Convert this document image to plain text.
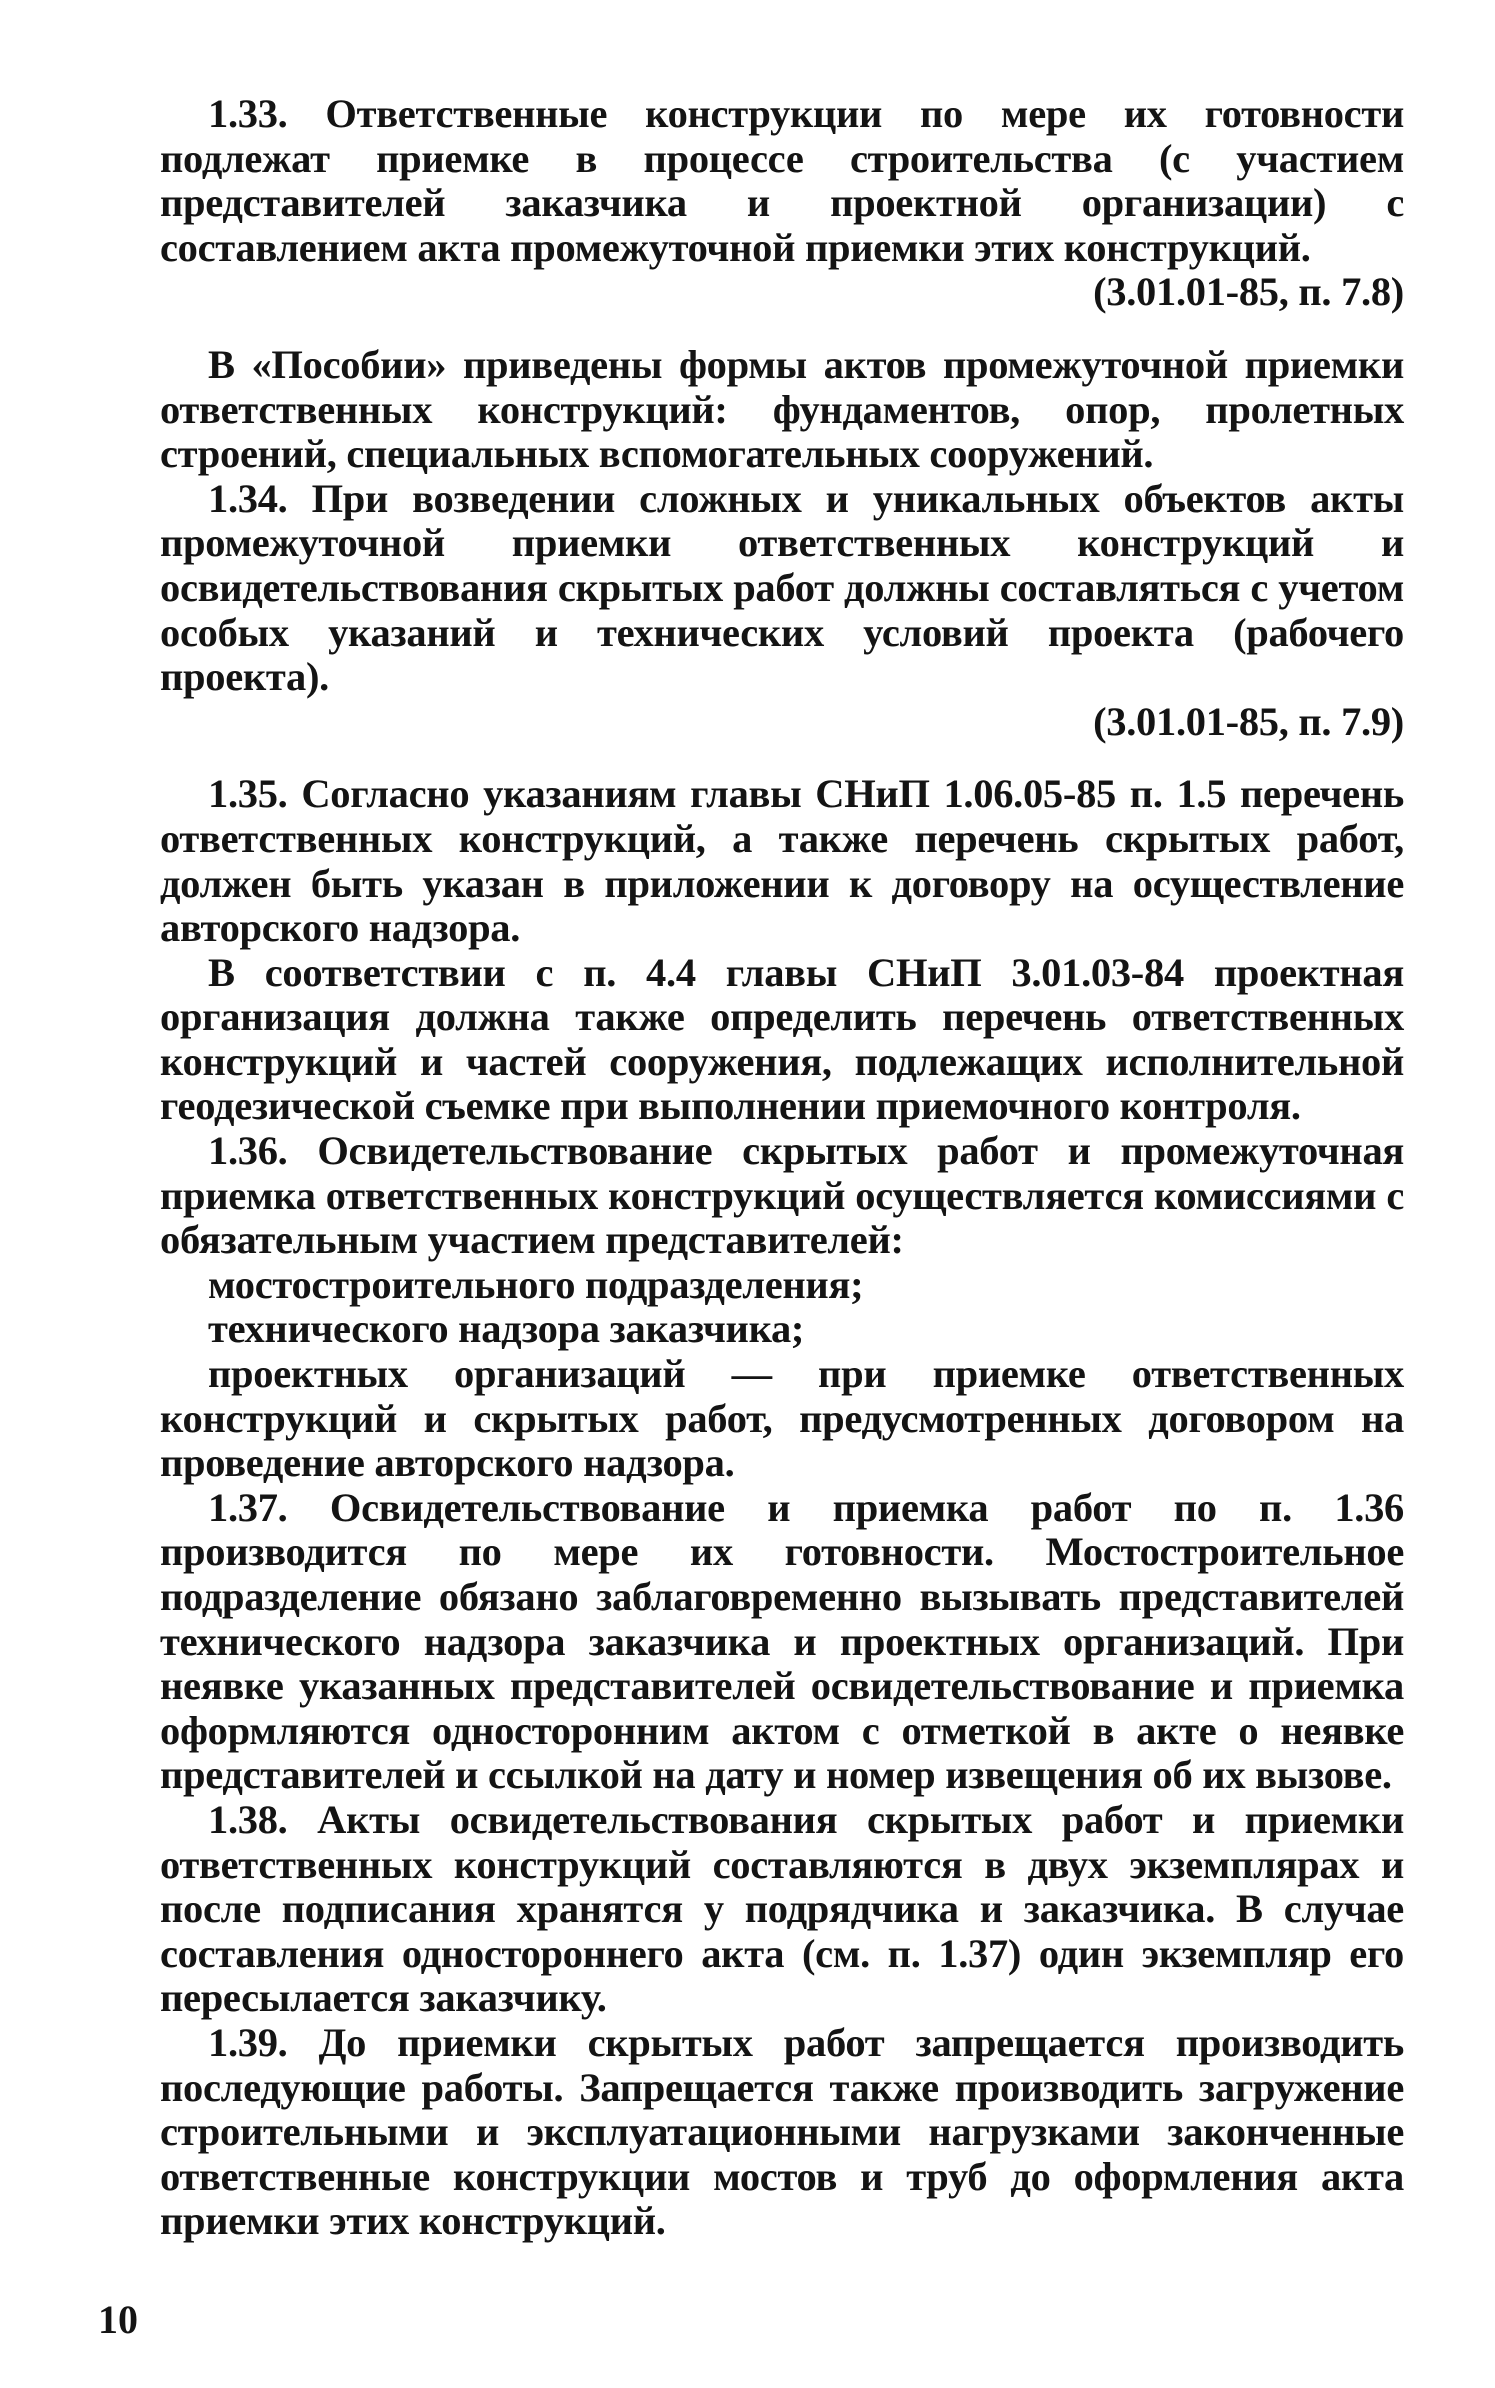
1.33. Ответственные конструкции по мере их готовности подлежат приемке в процессе строительства (с участием представителей заказчика и проектной организации) с составлением акта промежуточной приемки этих конструкций.

(3.01.01-85, п. 7.8)

В «Пособии» приведены формы актов промежуточной приемки ответственных конструкций: фундаментов, опор, пролетных строений, специальных вспомогательных сооружений.

1.34. При возведении сложных и уникальных объектов акты промежуточной приемки ответственных конструкций и освидетельствования скрытых работ должны составляться с учетом особых указаний и технических условий проекта (рабочего проекта).

(3.01.01-85, п. 7.9)

1.35. Согласно указаниям главы СНиП 1.06.05-85 п. 1.5 перечень ответственных конструкций, а также перечень скрытых работ, должен быть указан в приложении к договору на осуществление авторского надзора.

В соответствии с п. 4.4 главы СНиП 3.01.03-84 проектная организация должна также определить перечень ответственных конструкций и частей сооружения, подлежащих исполнительной геодезической съемке при выполнении приемочного контроля.

1.36. Освидетельствование скрытых работ и промежуточная приемка ответственных конструкций осуществляется комиссиями с обязательным участием представителей:

мостостроительного подразделения;

технического надзора заказчика;

проектных организаций — при приемке ответственных конструкций и скрытых работ, предусмотренных договором на проведение авторского надзора.

1.37. Освидетельствование и приемка работ по п. 1.36 производится по мере их готовности. Мостостроительное подразделение обязано заблаговременно вызывать представителей технического надзора заказчика и проектных организаций. При неявке указанных представителей освидетельствование и приемка оформляются односторонним актом с отметкой в акте о неявке представителей и ссылкой на дату и номер извещения об их вызове.

1.38. Акты освидетельствования скрытых работ и приемки ответственных конструкций составляются в двух экземплярах и после подписания хранятся у подрядчика и заказчика. В случае составления одностороннего акта (см. п. 1.37) один экземпляр его пересылается заказчику.

1.39. До приемки скрытых работ запрещается производить последующие работы. Запрещается также производить загружение строительными и эксплуатационными нагрузками законченные ответственные конструкции мостов и труб до оформления акта приемки этих конструкций.

10
